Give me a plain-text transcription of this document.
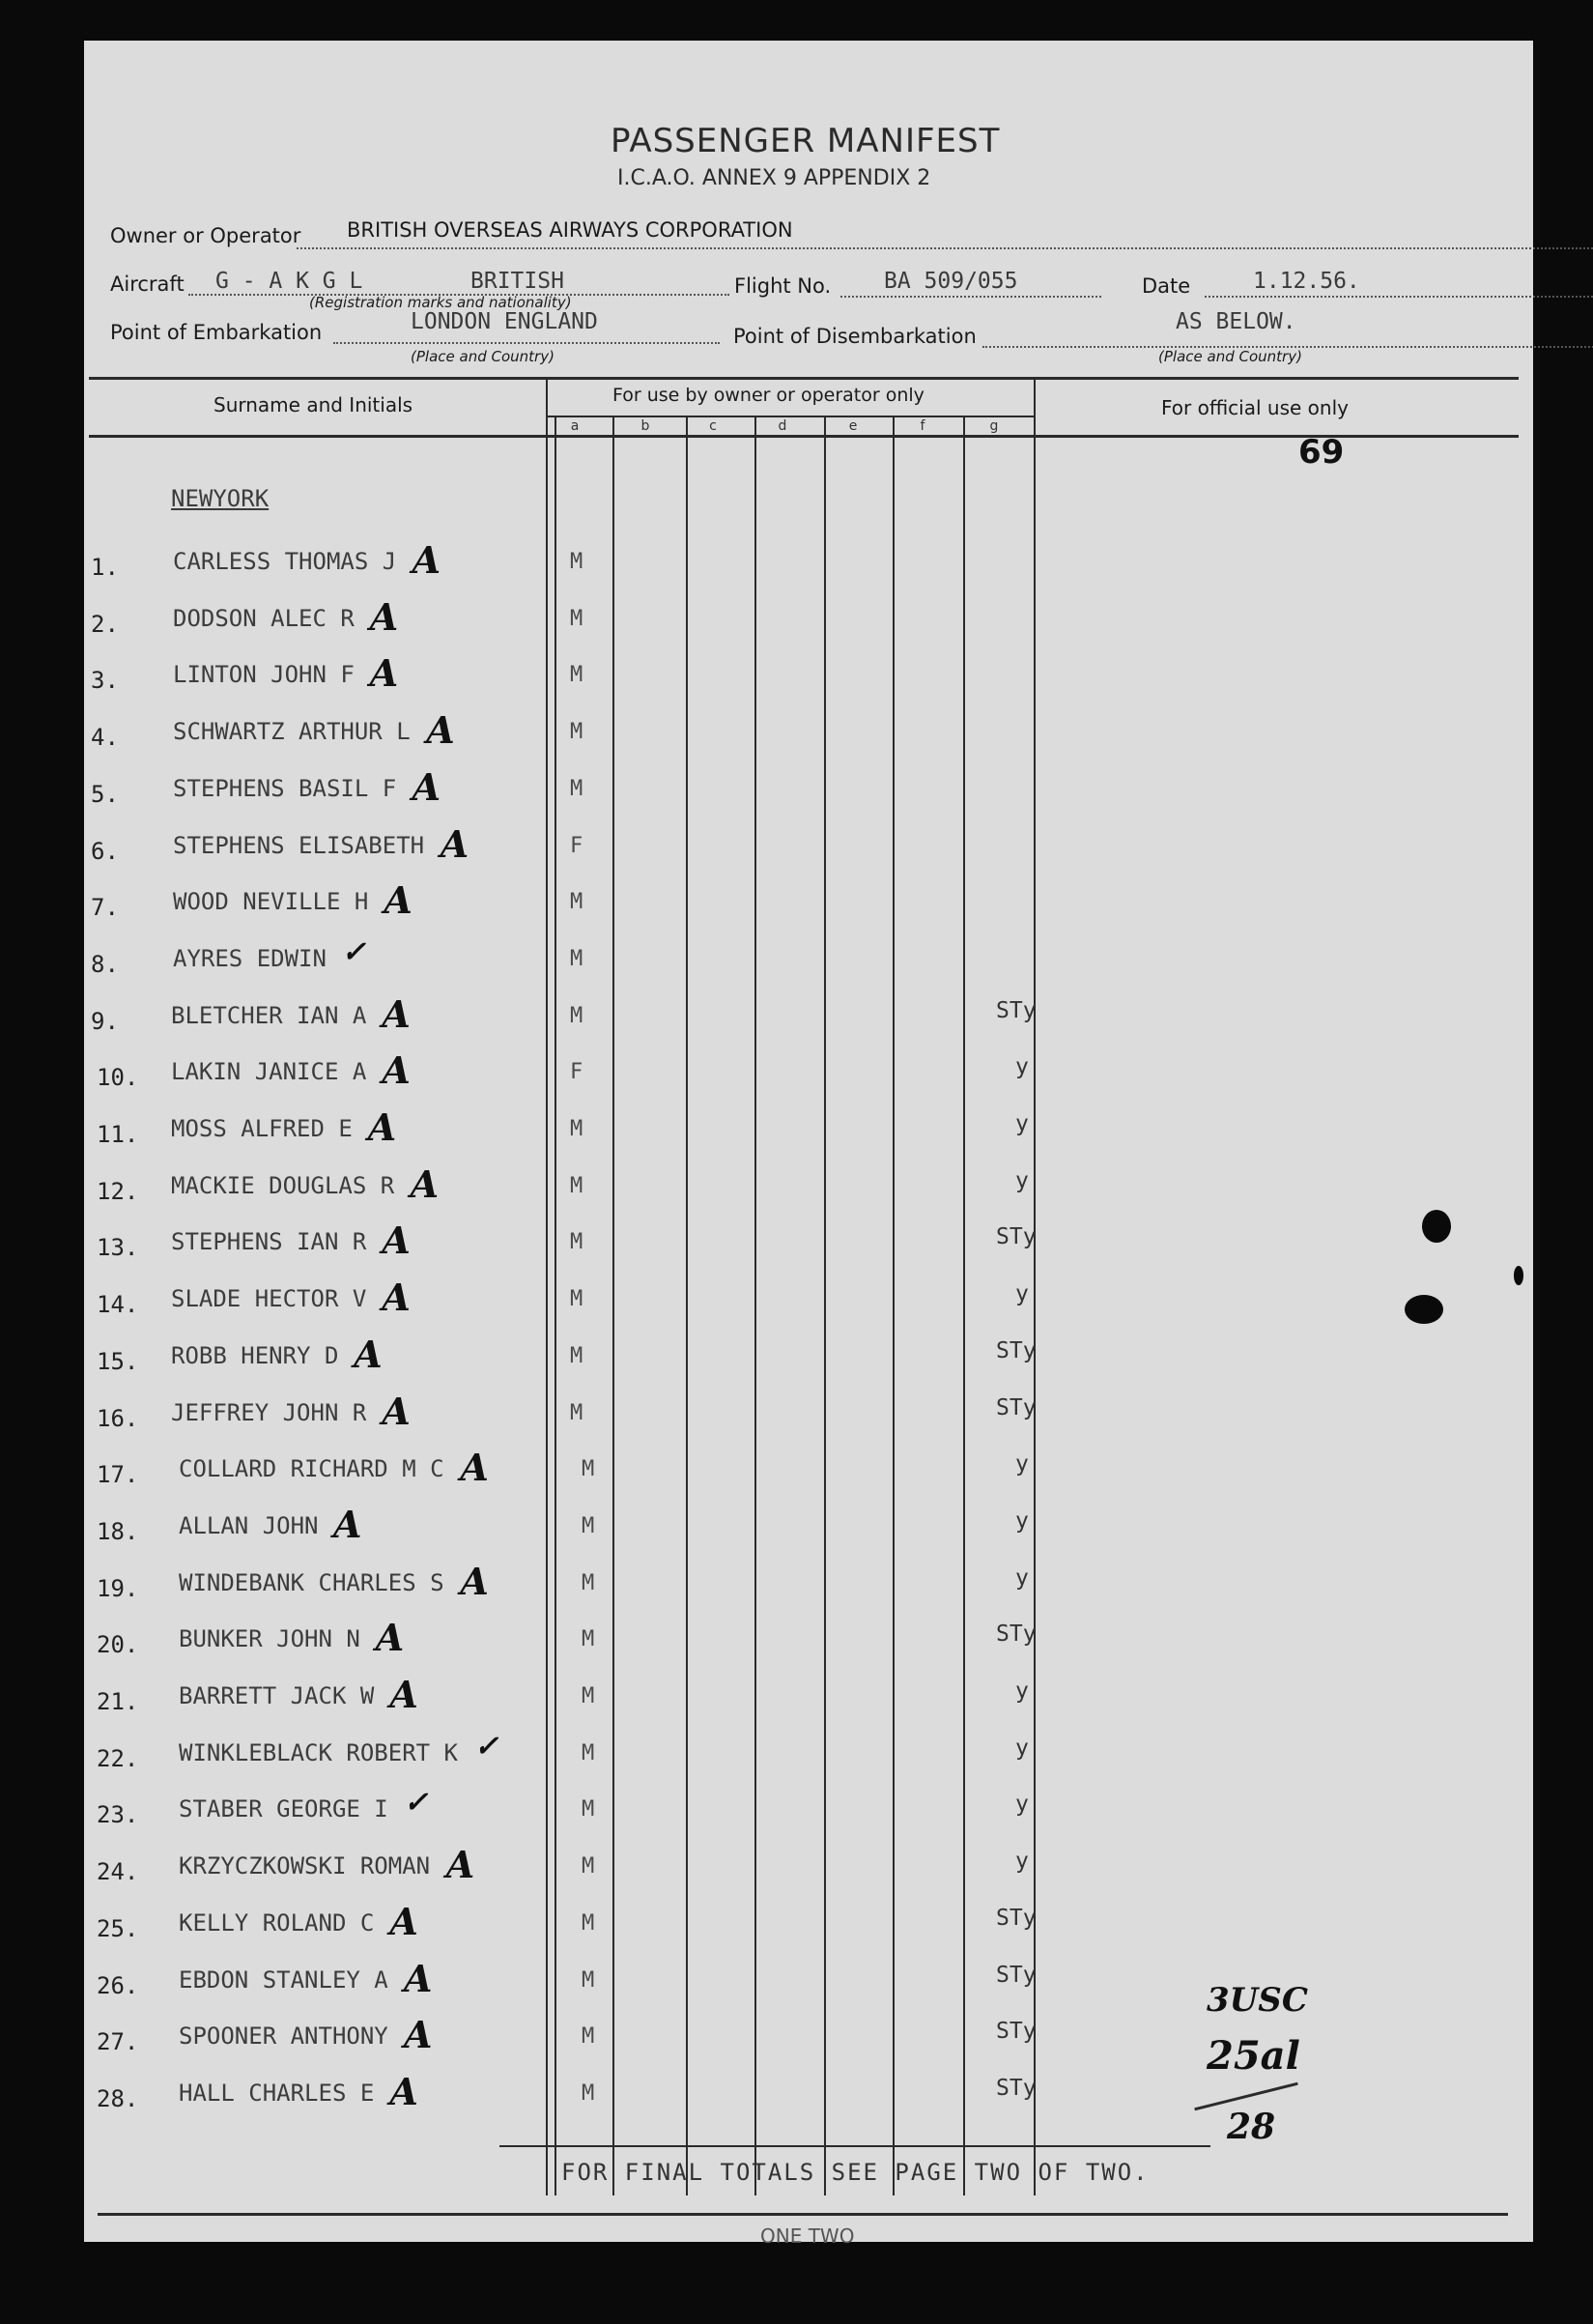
PASSENGER MANIFEST
I.C.A.O. ANNEX 9 APPENDIX 2
Owner or Operator BRITISH OVERSEAS AIRWAYS CORPORATION
Aircraft G - A K G L	BRITISH
(Registration marks and nationality)
Flight No. BA 509/055	Date	1.12.56.
Point of Embarkation	LONDON ENGLAND
(Place and Country)
Point of Disembarkation
AS BELOW.
(Place and Country)
Surname and Initials	For use by owner or operator only
For official use only
a	b	c	d	e	f	g
69
NEWYORK
1. CARLESS THOMAS J A	M
2. DODSON ALEC R A	M
3. LINTON JOHN F A	M
4. SCHWARTZ ARTHUR L A	M
5. STEPHENS BASIL F A	M
6. STEPHENS ELISABETH A	F
7. WOOD NEVILLE H A	M
8. AYRES EDWIN ✓	M
9. BLETCHER IAN A A	M	STy
10. LAKIN JANICE A A	F	y
11. MOSS ALFRED E A	M	y
12. MACKIE DOUGLAS R A	M	y
13. STEPHENS IAN R A	M	STy
14. SLADE HECTOR V A	M	y
15. ROBB HENRY D A	M	STy
16. JEFFREY JOHN R A	M	STy
17. COLLARD RICHARD M C A	M	y
18. ALLAN JOHN A	M	y
19. WINDEBANK CHARLES S A	M	y
20. BUNKER JOHN N A	M	STy
21. BARRETT JACK W A	M	y
22. WINKLEBLACK ROBERT K ✓	M	y
23. STABER GEORGE I ✓	M	y
24. KRZYCZKOWSKI ROMAN A	M	y
25. KELLY ROLAND C A	M	STy
26. EBDON STANLEY A A	M	STy
27. SPOONER ANTHONY A	M	STy
28. HALL CHARLES E A	M	STy
3USC
25al
28
FOR FINAL TOTALS SEE PAGE TWO OF TWO.
ONE TWO
